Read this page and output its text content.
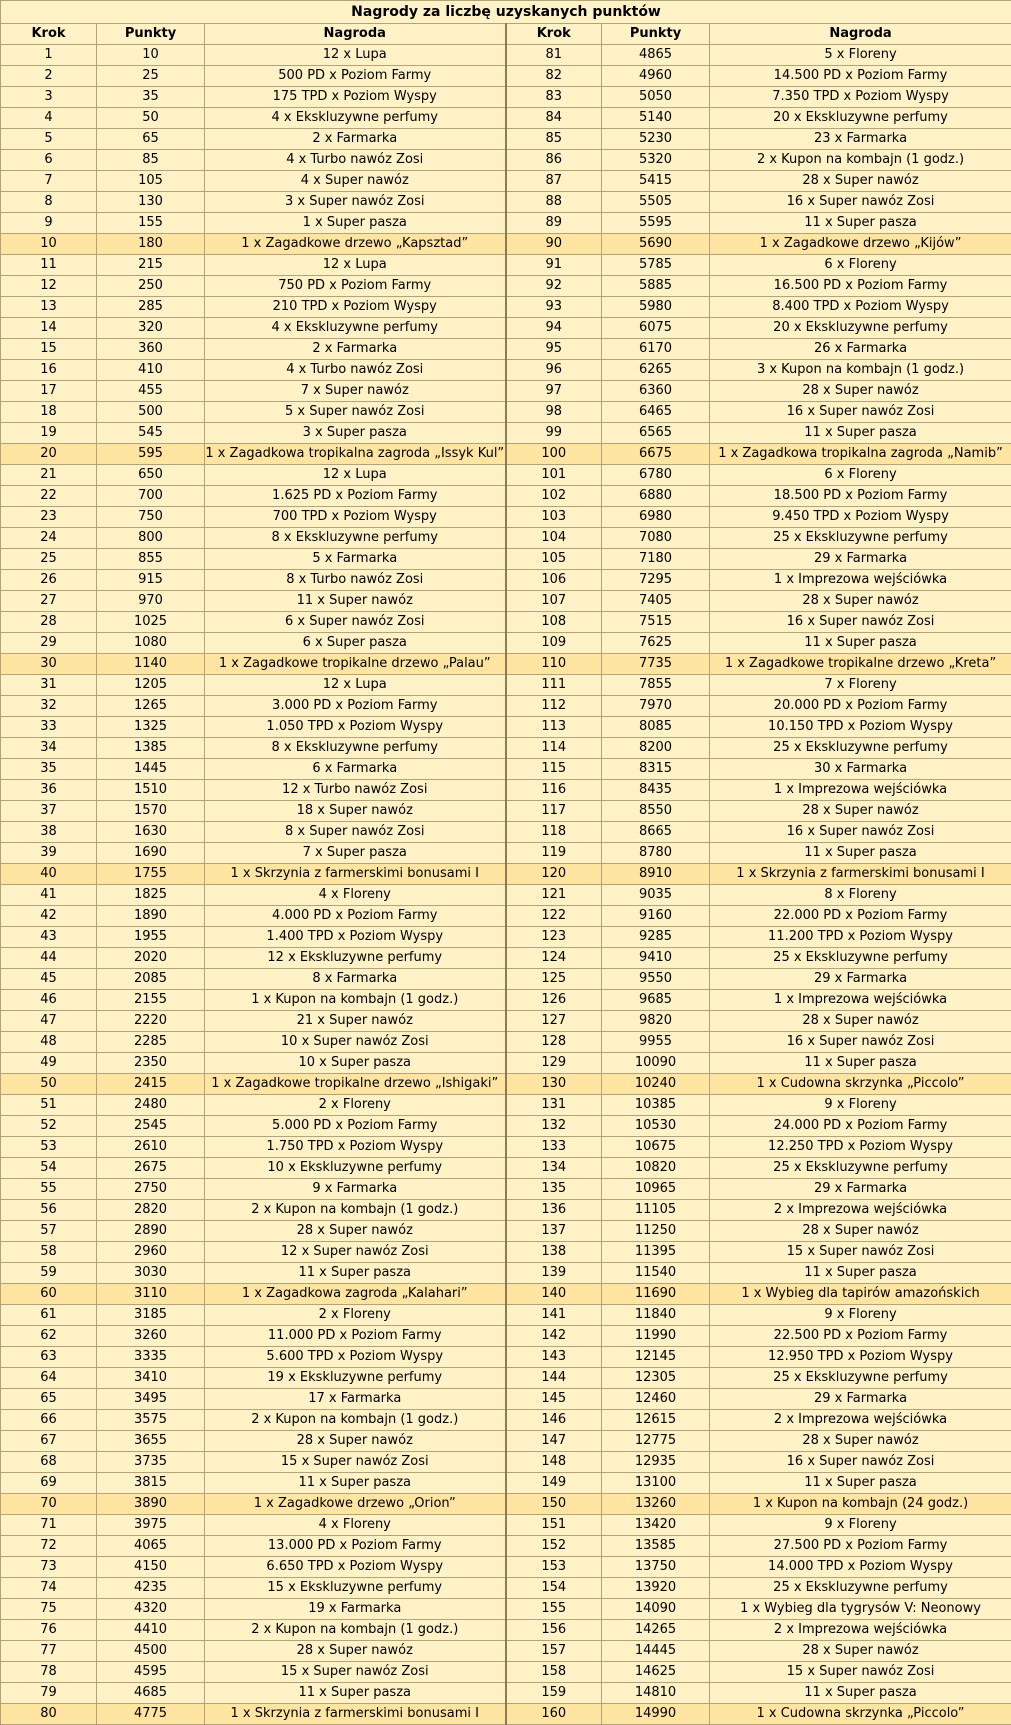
Nagrody za liczbę uzyskanych punktów					
Krok	Punkty	Nagroda	Krok	Punkty	Nagroda
1	10	12 x Lupa	81	4865	5 x Floreny
2	25	500 PD x Poziom Farmy	82	4960	14.500 PD x Poziom Farmy
3	35	175 TPD x Poziom Wyspy	83	5050	7.350 TPD x Poziom Wyspy
4	50	4 x Ekskluzywne perfumy	84	5140	20 x Ekskluzywne perfumy
5	65	2 x Farmarka	85	5230	23 x Farmarka
6	85	4 x Turbo nawóz Zosi	86	5320	2 x Kupon na kombajn (1 godz.)
7	105	4 x Super nawóz	87	5415	28 x Super nawóz
8	130	3 x Super nawóz Zosi	88	5505	16 x Super nawóz Zosi
9	155	1 x Super pasza	89	5595	11 x Super pasza
10	180	1 x Zagadkowe drzewo „Kapsztad”	90	5690	1 x Zagadkowe drzewo „Kijów”
11	215	12 x Lupa	91	5785	6 x Floreny
12	250	750 PD x Poziom Farmy	92	5885	16.500 PD x Poziom Farmy
13	285	210 TPD x Poziom Wyspy	93	5980	8.400 TPD x Poziom Wyspy
14	320	4 x Ekskluzywne perfumy	94	6075	20 x Ekskluzywne perfumy
15	360	2 x Farmarka	95	6170	26 x Farmarka
16	410	4 x Turbo nawóz Zosi	96	6265	3 x Kupon na kombajn (1 godz.)
17	455	7 x Super nawóz	97	6360	28 x Super nawóz
18	500	5 x Super nawóz Zosi	98	6465	16 x Super nawóz Zosi
19	545	3 x Super pasza	99	6565	11 x Super pasza
20	595	1 x Zagadkowa tropikalna zagroda „Issyk Kul”	100	6675	1 x Zagadkowa tropikalna zagroda „Namib”
21	650	12 x Lupa	101	6780	6 x Floreny
22	700	1.625 PD x Poziom Farmy	102	6880	18.500 PD x Poziom Farmy
23	750	700 TPD x Poziom Wyspy	103	6980	9.450 TPD x Poziom Wyspy
24	800	8 x Ekskluzywne perfumy	104	7080	25 x Ekskluzywne perfumy
25	855	5 x Farmarka	105	7180	29 x Farmarka
26	915	8 x Turbo nawóz Zosi	106	7295	1 x Imprezowa wejściówka
27	970	11 x Super nawóz	107	7405	28 x Super nawóz
28	1025	6 x Super nawóz Zosi	108	7515	16 x Super nawóz Zosi
29	1080	6 x Super pasza	109	7625	11 x Super pasza
30	1140	1 x Zagadkowe tropikalne drzewo „Palau”	110	7735	1 x Zagadkowe tropikalne drzewo „Kreta”
31	1205	12 x Lupa	111	7855	7 x Floreny
32	1265	3.000 PD x Poziom Farmy	112	7970	20.000 PD x Poziom Farmy
33	1325	1.050 TPD x Poziom Wyspy	113	8085	10.150 TPD x Poziom Wyspy
34	1385	8 x Ekskluzywne perfumy	114	8200	25 x Ekskluzywne perfumy
35	1445	6 x Farmarka	115	8315	30 x Farmarka
36	1510	12 x Turbo nawóz Zosi	116	8435	1 x Imprezowa wejściówka
37	1570	18 x Super nawóz	117	8550	28 x Super nawóz
38	1630	8 x Super nawóz Zosi	118	8665	16 x Super nawóz Zosi
39	1690	7 x Super pasza	119	8780	11 x Super pasza
40	1755	1 x Skrzynia z farmerskimi bonusami I	120	8910	1 x Skrzynia z farmerskimi bonusami I
41	1825	4 x Floreny	121	9035	8 x Floreny
42	1890	4.000 PD x Poziom Farmy	122	9160	22.000 PD x Poziom Farmy
43	1955	1.400 TPD x Poziom Wyspy	123	9285	11.200 TPD x Poziom Wyspy
44	2020	12 x Ekskluzywne perfumy	124	9410	25 x Ekskluzywne perfumy
45	2085	8 x Farmarka	125	9550	29 x Farmarka
46	2155	1 x Kupon na kombajn (1 godz.)	126	9685	1 x Imprezowa wejściówka
47	2220	21 x Super nawóz	127	9820	28 x Super nawóz
48	2285	10 x Super nawóz Zosi	128	9955	16 x Super nawóz Zosi
49	2350	10 x Super pasza	129	10090	11 x Super pasza
50	2415	1 x Zagadkowe tropikalne drzewo „Ishigaki”	130	10240	1 x Cudowna skrzynka „Piccolo”
51	2480	2 x Floreny	131	10385	9 x Floreny
52	2545	5.000 PD x Poziom Farmy	132	10530	24.000 PD x Poziom Farmy
53	2610	1.750 TPD x Poziom Wyspy	133	10675	12.250 TPD x Poziom Wyspy
54	2675	10 x Ekskluzywne perfumy	134	10820	25 x Ekskluzywne perfumy
55	2750	9 x Farmarka	135	10965	29 x Farmarka
56	2820	2 x Kupon na kombajn (1 godz.)	136	11105	2 x Imprezowa wejściówka
57	2890	28 x Super nawóz	137	11250	28 x Super nawóz
58	2960	12 x Super nawóz Zosi	138	11395	15 x Super nawóz Zosi
59	3030	11 x Super pasza	139	11540	11 x Super pasza
60	3110	1 x Zagadkowa zagroda „Kalahari”	140	11690	1 x Wybieg dla tapirów amazońskich
61	3185	2 x Floreny	141	11840	9 x Floreny
62	3260	11.000 PD x Poziom Farmy	142	11990	22.500 PD x Poziom Farmy
63	3335	5.600 TPD x Poziom Wyspy	143	12145	12.950 TPD x Poziom Wyspy
64	3410	19 x Ekskluzywne perfumy	144	12305	25 x Ekskluzywne perfumy
65	3495	17 x Farmarka	145	12460	29 x Farmarka
66	3575	2 x Kupon na kombajn (1 godz.)	146	12615	2 x Imprezowa wejściówka
67	3655	28 x Super nawóz	147	12775	28 x Super nawóz
68	3735	15 x Super nawóz Zosi	148	12935	16 x Super nawóz Zosi
69	3815	11 x Super pasza	149	13100	11 x Super pasza
70	3890	1 x Zagadkowe drzewo „Orion”	150	13260	1 x Kupon na kombajn (24 godz.)
71	3975	4 x Floreny	151	13420	9 x Floreny
72	4065	13.000 PD x Poziom Farmy	152	13585	27.500 PD x Poziom Farmy
73	4150	6.650 TPD x Poziom Wyspy	153	13750	14.000 TPD x Poziom Wyspy
74	4235	15 x Ekskluzywne perfumy	154	13920	25 x Ekskluzywne perfumy
75	4320	19 x Farmarka	155	14090	1 x Wybieg dla tygrysów V: Neonowy
76	4410	2 x Kupon na kombajn (1 godz.)	156	14265	2 x Imprezowa wejściówka
77	4500	28 x Super nawóz	157	14445	28 x Super nawóz
78	4595	15 x Super nawóz Zosi	158	14625	15 x Super nawóz Zosi
79	4685	11 x Super pasza	159	14810	11 x Super pasza
80	4775	1 x Skrzynia z farmerskimi bonusami I	160	14990	1 x Cudowna skrzynka „Piccolo”
